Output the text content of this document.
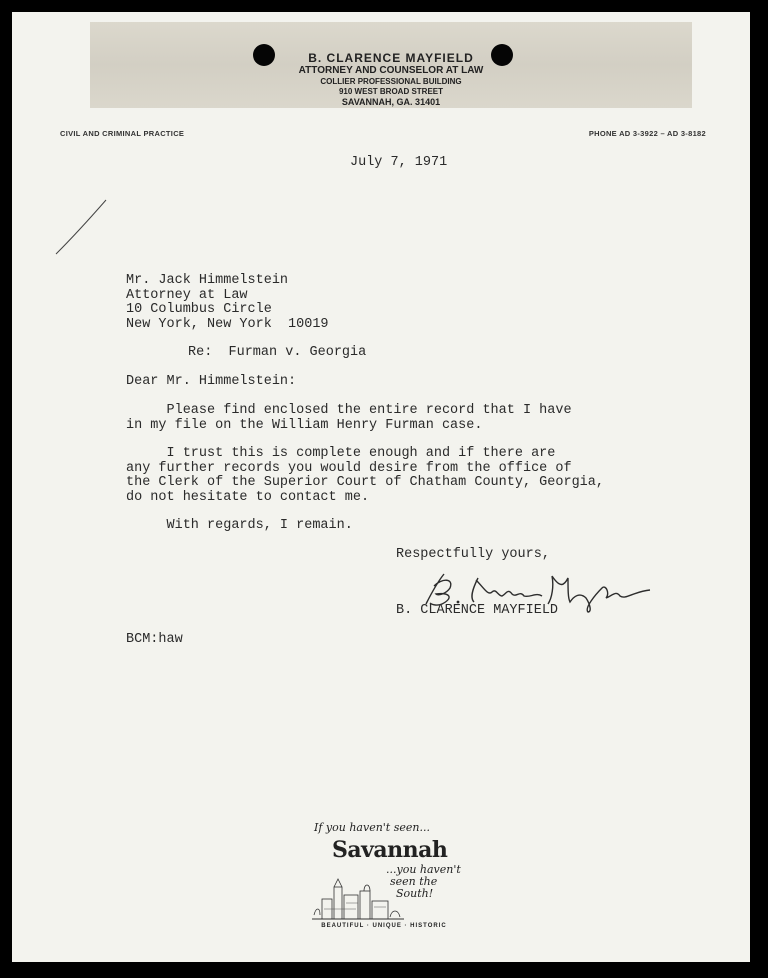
B. CLARENCE MAYFIELD
ATTORNEY AND COUNSELOR AT LAW
COLLIER PROFESSIONAL BUILDING
910 WEST BROAD STREET
SAVANNAH, GA. 31401
CIVIL AND CRIMINAL PRACTICE	PHONE AD 3-3922 – AD 3-8182
July 7, 1971
Mr. Jack Himmelstein
Attorney at Law
10 Columbus Circle
New York, New York  10019
Re:  Furman v. Georgia
Dear Mr. Himmelstein:
Please find enclosed the entire record that I have
in my file on the William Henry Furman case.
I trust this is complete enough and if there are
any further records you would desire from the office of
the Clerk of the Superior Court of Chatham County, Georgia,
do not hesitate to contact me.
With regards, I remain.
Respectfully yours,
B. CLARENCE MAYFIELD
BCM:haw
If you haven't seen...
Savannah
...you haven't
seen the
South!
BEAUTIFUL · UNIQUE · HISTORIC
